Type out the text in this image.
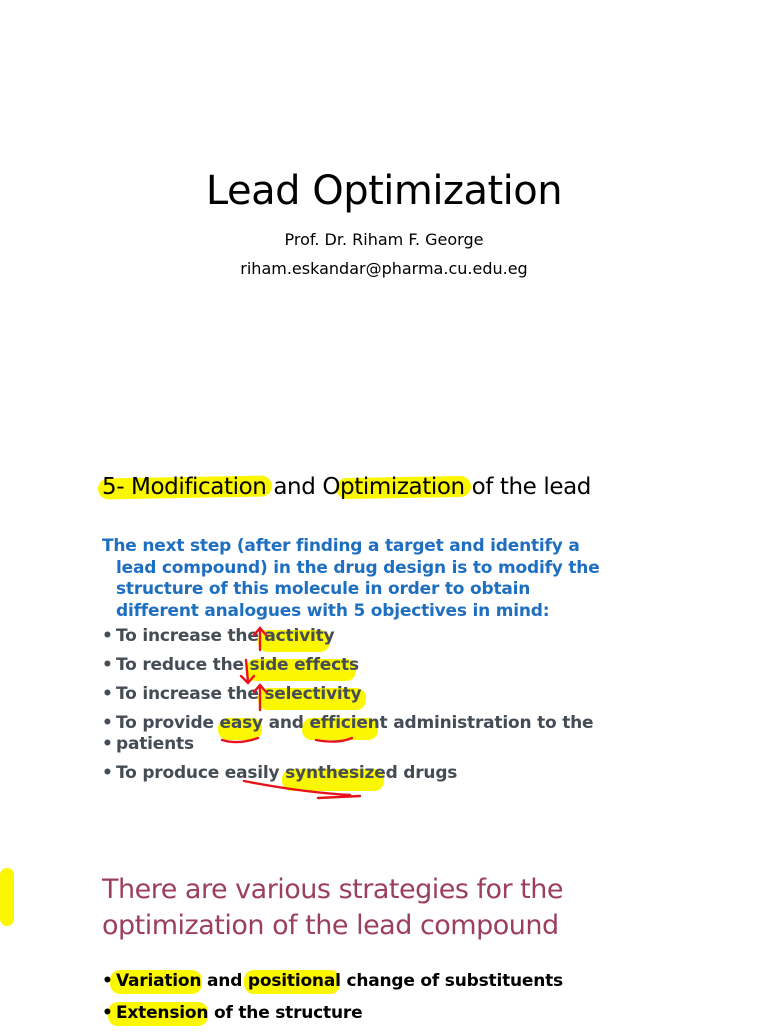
Lead Optimization
Prof. Dr. Riham F. George
riham.eskandar@pharma.cu.edu.eg
5- Modification and Optimization of the lead
The next step (after finding a target and identify a
lead compound) in the drug design is to modify the
structure of this molecule in order to obtain
different analogues with 5 objectives in mind:
• To increase the activity
• To reduce the side effects
• To increase the selectivity
• To provide easy and efficient administration to the
• patients
• To produce easily synthesized drugs
There are various strategies for the
optimization of the lead compound
• Variation and positional change of substituents
• Extension of the structure
